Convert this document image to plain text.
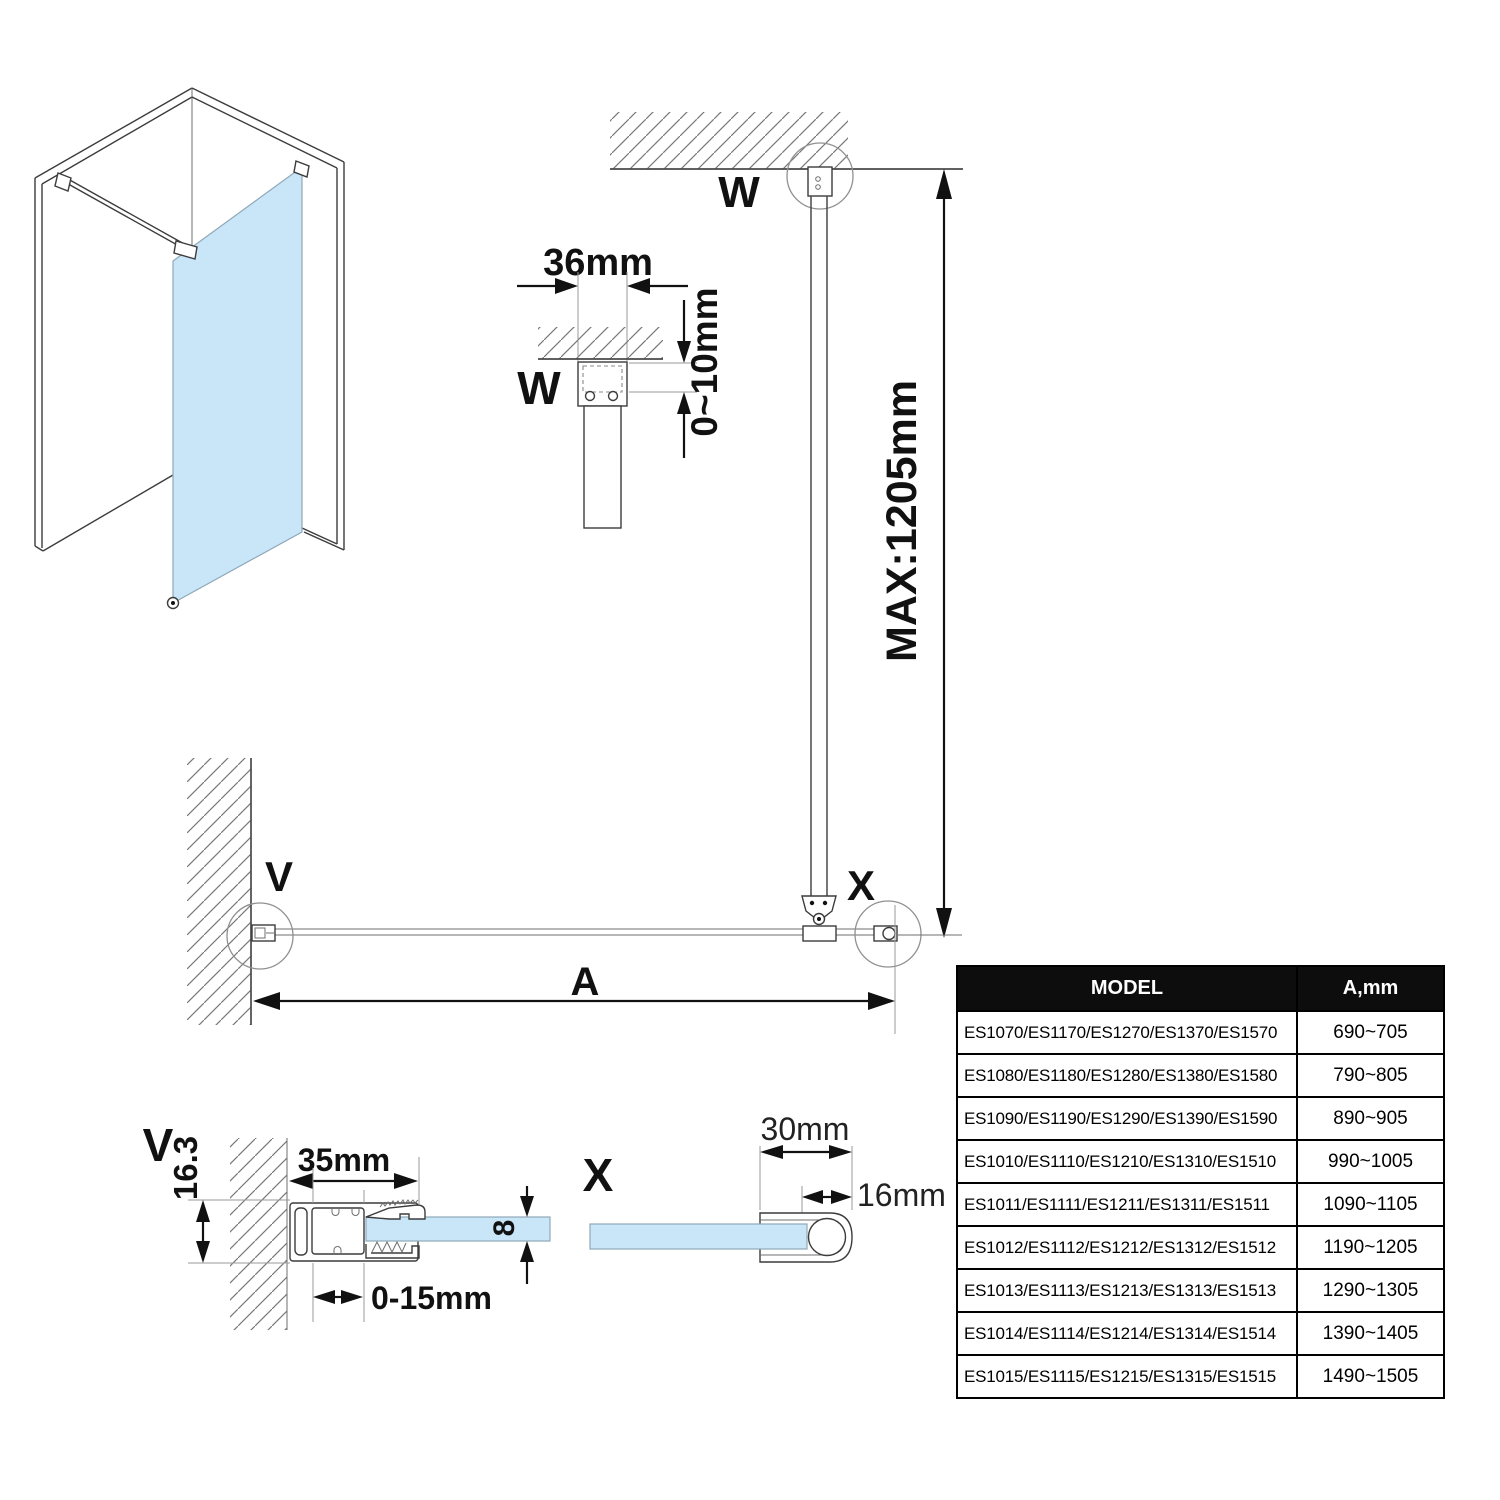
W
MAX:1205mm
36mm
0~10mm
W
V	X
A
V
16.3	35mm
8
0-15mm
X
30mm
16mm
MODEL	A,mm
ES1070/ES1170/ES1270/ES1370/ES1570	690~705
ES1080/ES1180/ES1280/ES1380/ES1580	790~805
ES1090/ES1190/ES1290/ES1390/ES1590	890~905
ES1010/ES1110/ES1210/ES1310/ES1510	990~1005
ES1011/ES1111/ES1211/ES1311/ES1511	1090~1105
ES1012/ES1112/ES1212/ES1312/ES1512	1190~1205
ES1013/ES1113/ES1213/ES1313/ES1513	1290~1305
ES1014/ES1114/ES1214/ES1314/ES1514	1390~1405
ES1015/ES1115/ES1215/ES1315/ES1515	1490~1505
